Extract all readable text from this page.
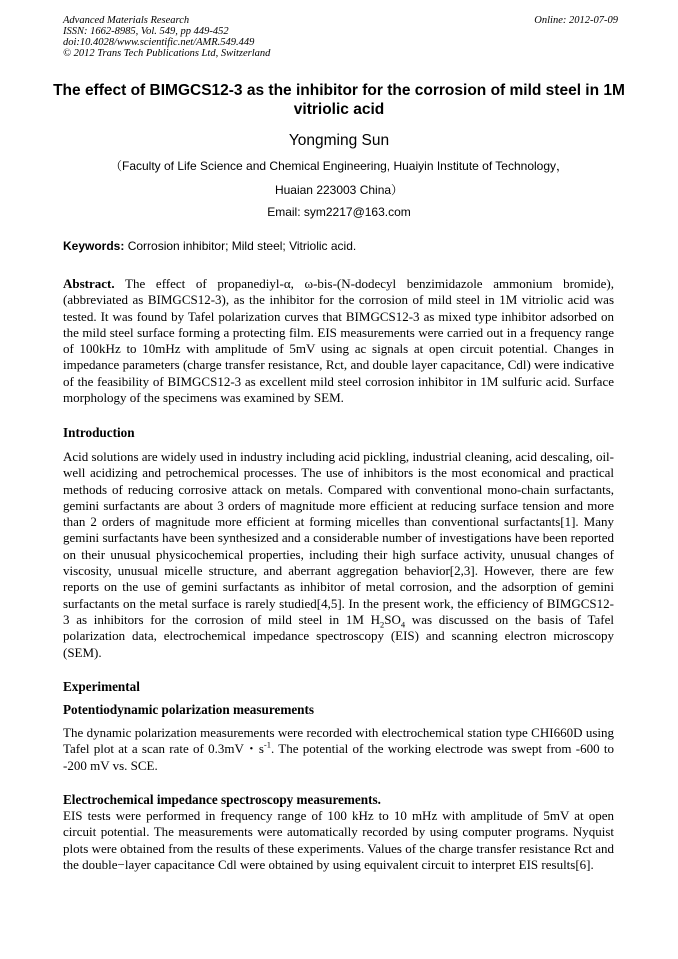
Advanced Materials Research
ISSN: 1662-8985, Vol. 549, pp 449-452
doi:10.4028/www.scientific.net/AMR.549.449
© 2012 Trans Tech Publications Ltd, Switzerland
Online: 2012-07-09
The effect of BIMGCS12-3 as the inhibitor for the corrosion of mild steel in 1M vitriolic acid
Yongming Sun
（Faculty of Life Science and Chemical Engineering, Huaiyin Institute of Technology，
Huaian 223003 China）
Email: sym2217@163.com
Keywords: Corrosion inhibitor; Mild steel; Vitriolic acid.

Abstract. The effect of propanediyl-α, ω-bis-(N-dodecyl benzimidazole ammonium bromide), (abbreviated as BIMGCS12-3), as the inhibitor for the corrosion of mild steel in 1M vitriolic acid was tested. It was found by Tafel polarization curves that BIMGCS12-3 as mixed type inhibitor adsorbed on the mild steel surface forming a protecting film. EIS measurements were carried out in a frequency range of 100kHz to 10mHz with amplitude of 5mV using ac signals at open circuit potential. Changes in impedance parameters (charge transfer resistance, Rct, and double layer capacitance, Cdl) were indicative of the feasibility of BIMGCS12-3 as excellent mild steel corrosion inhibitor in 1M sulfuric acid. Surface morphology of the specimens was examined by SEM.

Introduction

Acid solutions are widely used in industry including acid pickling, industrial cleaning, acid descaling, oil-well acidizing and petrochemical processes. The use of inhibitors is the most economical and practical methods of reducing corrosive attack on metals. Compared with conventional mono-chain surfactants, gemini surfactants are about 3 orders of magnitude more efficient at reducing surface tension and more than 2 orders of magnitude more efficient at forming micelles than conventional surfactants[1]. Many gemini surfactants have been synthesized and a considerable number of investigations have been reported on their unusual physicochemical properties, including their high surface activity, unusual changes of viscosity, unusual micelle structure, and aberrant aggregation behavior[2,3]. However, there are few reports on the use of gemini surfactants as inhibitor of metal corrosion, and the adsorption of gemini surfactants on the metal surface is rarely studied[4,5]. In the present work, the efficiency of BIMGCS12-3 as inhibitors for the corrosion of mild steel in 1M $H_2SO_4$ was discussed on the basis of Tafel polarization data, electrochemical impedance spectroscopy (EIS) and scanning electron microscopy (SEM).

Experimental
Potentiodynamic polarization measurements

The dynamic polarization measurements were recorded with electrochemical station type CHI660D using Tafel plot at a scan rate of 0.3mV・$s^{-1}$. The potential of the working electrode was swept from -600 to -200 mV vs. SCE.

Electrochemical impedance spectroscopy measurements.

EIS tests were performed in frequency range of 100 kHz to 10 mHz with amplitude of 5mV at open circuit potential. The measurements were automatically recorded by using computer programs. Nyquist plots were obtained from the results of these experiments. Values of the charge transfer resistance Rct and the double−layer capacitance Cdl were obtained by using equivalent circuit to interpret EIS results[6].
